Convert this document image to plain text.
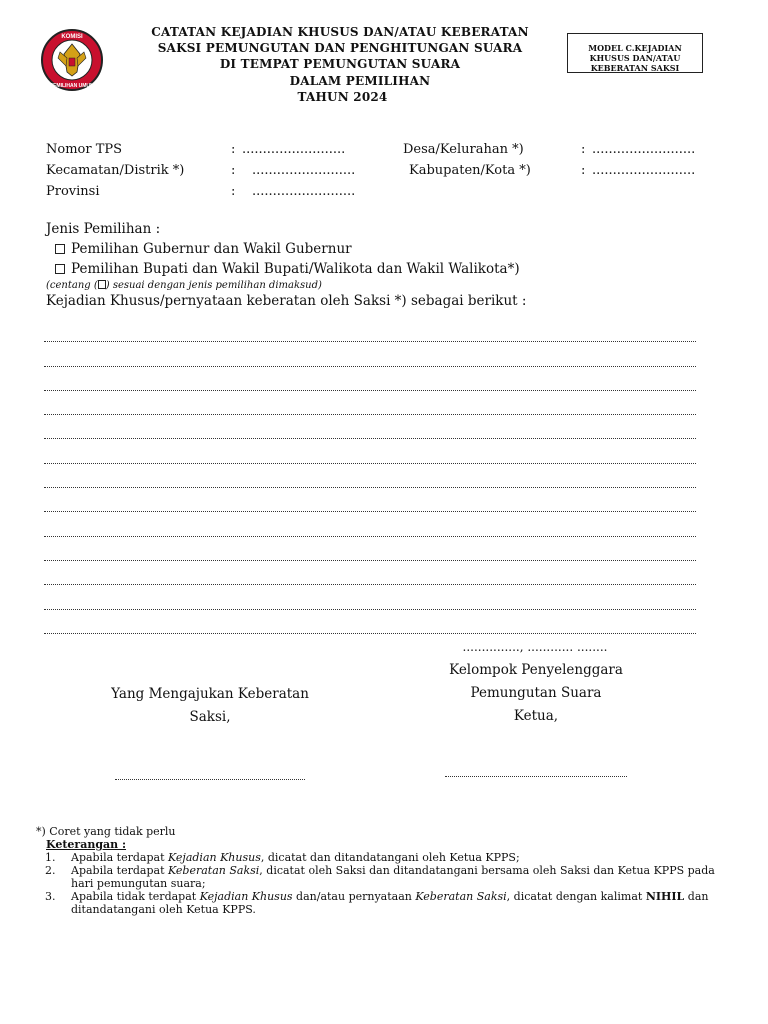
KOMISI
PEMILIHAN UMUM
CATATAN KEJADIAN KHUSUS DAN/ATAU KEBERATAN
SAKSI PEMUNGUTAN DAN PENGHITUNGAN SUARA
DI TEMPAT PEMUNGUTAN SUARA
DALAM PEMILIHAN
TAHUN 2024
MODEL C.KEJADIAN
KHUSUS DAN/ATAU
KEBERATAN SAKSI
Nomor TPS	: .........................
Kecamatan/Distrik *)	: .........................
Provinsi	: .........................
Desa/Kelurahan *)	: .........................
Kabupaten/Kota *)	: .........................
Jenis Pemilihan :
Pemilihan Gubernur dan Wakil Gubernur
Pemilihan Bupati dan Wakil Bupati/Walikota dan Wakil Walikota*)
(centang ( ) sesuai dengan jenis pemilihan dimaksud)
Kejadian Khusus/pernyataan keberatan oleh Saksi *) sebagai berikut :
..............., ............ ........
Kelompok Penyelenggara
Pemungutan Suara
Ketua,
Yang Mengajukan Keberatan
Saksi,
*) Coret yang tidak perlu
Keterangan :
1. Apabila terdapat Kejadian Khusus, dicatat dan ditandatangani oleh Ketua KPPS;
2. Apabila terdapat Keberatan Saksi, dicatat oleh Saksi dan ditandatangani bersama oleh Saksi dan Ketua KPPS pada hari pemungutan suara;
3. Apabila tidak terdapat Kejadian Khusus dan/atau pernyataan Keberatan Saksi, dicatat dengan kalimat NIHIL dan ditandatangani oleh Ketua KPPS.
